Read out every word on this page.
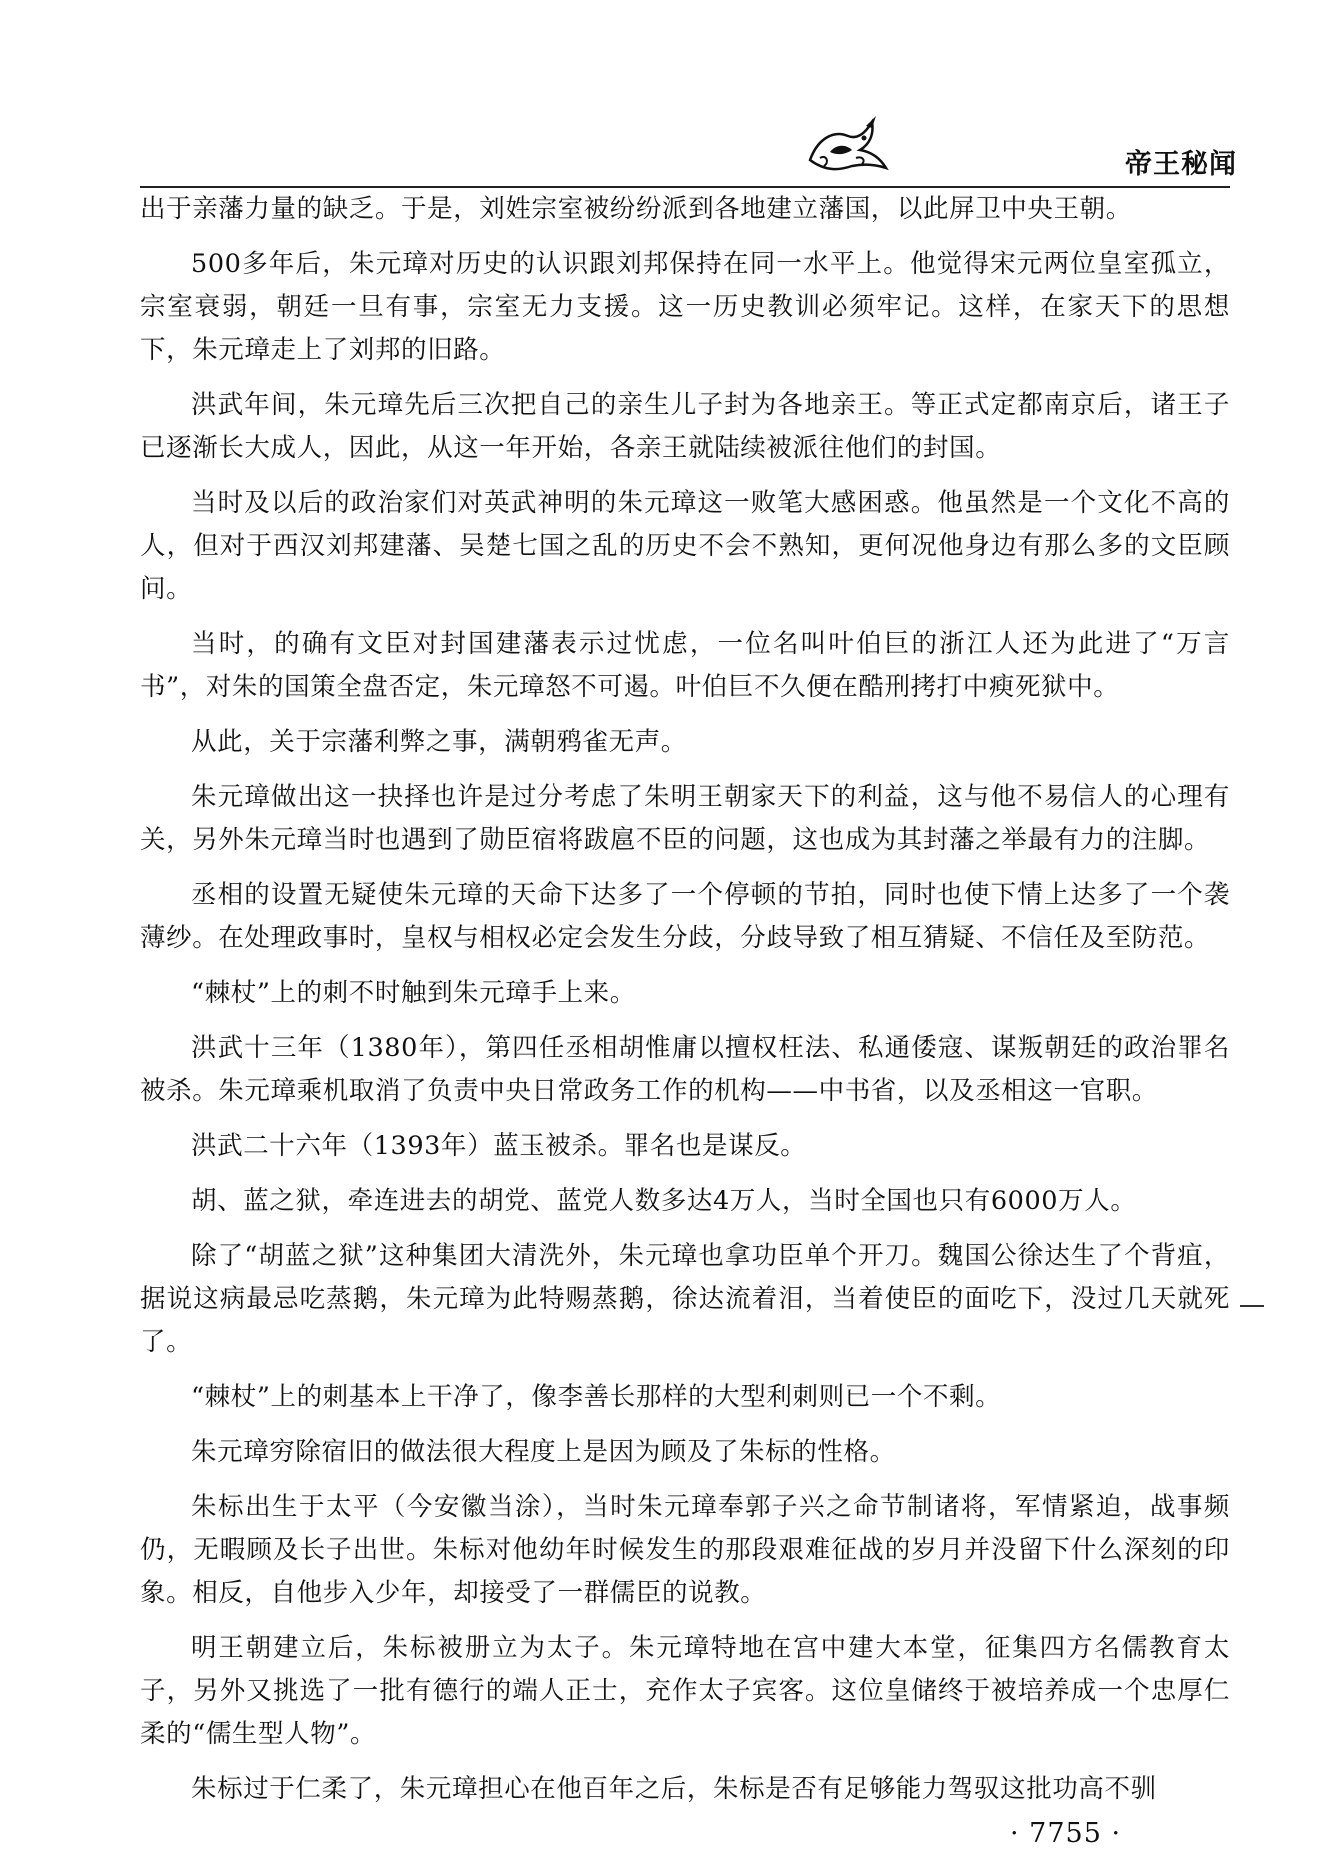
帝王秘闻

出于亲藩力量的缺乏。于是，刘姓宗室被纷纷派到各地建立藩国，以此屏卫中央王朝。

500多年后，朱元璋对历史的认识跟刘邦保持在同一水平上。他觉得宋元两位皇室孤立，宗室衰弱，朝廷一旦有事，宗室无力支援。这一历史教训必须牢记。这样，在家天下的思想下，朱元璋走上了刘邦的旧路。

洪武年间，朱元璋先后三次把自己的亲生儿子封为各地亲王。等正式定都南京后，诸王子已逐渐长大成人，因此，从这一年开始，各亲王就陆续被派往他们的封国。

当时及以后的政治家们对英武神明的朱元璋这一败笔大感困惑。他虽然是一个文化不高的人，但对于西汉刘邦建藩、吴楚七国之乱的历史不会不熟知，更何况他身边有那么多的文臣顾问。

当时，的确有文臣对封国建藩表示过忧虑，一位名叫叶伯巨的浙江人还为此进了“万言书”，对朱的国策全盘否定，朱元璋怒不可遏。叶伯巨不久便在酷刑拷打中瘐死狱中。

从此，关于宗藩利弊之事，满朝鸦雀无声。

朱元璋做出这一抉择也许是过分考虑了朱明王朝家天下的利益，这与他不易信人的心理有关，另外朱元璋当时也遇到了勋臣宿将跋扈不臣的问题，这也成为其封藩之举最有力的注脚。

丞相的设置无疑使朱元璋的天命下达多了一个停顿的节拍，同时也使下情上达多了一个袭薄纱。在处理政事时，皇权与相权必定会发生分歧，分歧导致了相互猜疑、不信任及至防范。

“棘杖”上的刺不时触到朱元璋手上来。

洪武十三年（1380年），第四任丞相胡惟庸以擅权枉法、私通倭寇、谋叛朝廷的政治罪名被杀。朱元璋乘机取消了负责中央日常政务工作的机构——中书省，以及丞相这一官职。

洪武二十六年（1393年）蓝玉被杀。罪名也是谋反。

胡、蓝之狱，牵连进去的胡党、蓝党人数多达4万人，当时全国也只有6000万人。

除了“胡蓝之狱”这种集团大清洗外，朱元璋也拿功臣单个开刀。魏国公徐达生了个背疽，据说这病最忌吃蒸鹅，朱元璋为此特赐蒸鹅，徐达流着泪，当着使臣的面吃下，没过几天就死了。

“棘杖”上的刺基本上干净了，像李善长那样的大型利刺则已一个不剩。

朱元璋穷除宿旧的做法很大程度上是因为顾及了朱标的性格。

朱标出生于太平（今安徽当涂），当时朱元璋奉郭子兴之命节制诸将，军情紧迫，战事频仍，无暇顾及长子出世。朱标对他幼年时候发生的那段艰难征战的岁月并没留下什么深刻的印象。相反，自他步入少年，却接受了一群儒臣的说教。

明王朝建立后，朱标被册立为太子。朱元璋特地在宫中建大本堂，征集四方名儒教育太子，另外又挑选了一批有德行的端人正士，充作太子宾客。这位皇储终于被培养成一个忠厚仁柔的“儒生型人物”。

朱标过于仁柔了，朱元璋担心在他百年之后，朱标是否有足够能力驾驭这批功高不驯

· 7755 ·
